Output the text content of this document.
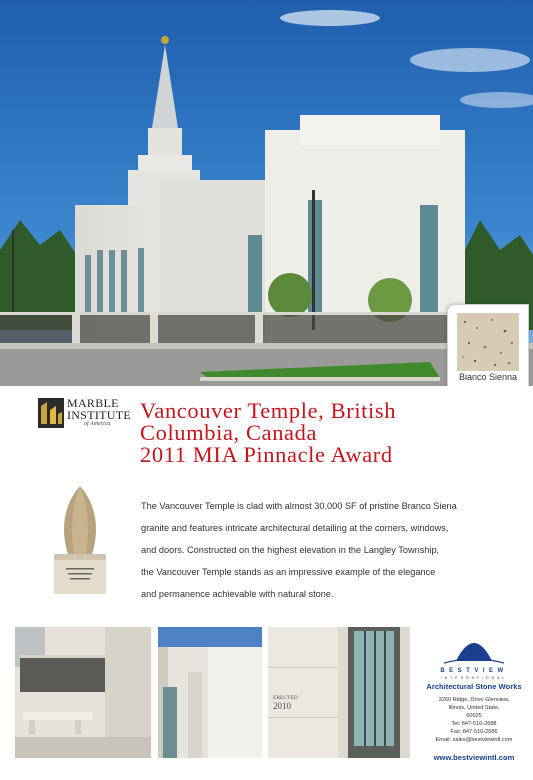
Bianco Sienna
MARBLE
INSTITUTE
of America
Vancouver Temple, British
Columbia, Canada
2011 MIA Pinnacle Award
The Vancouver Temple is clad with almost 30,000 SF of pristine Branco Siena
granite and features intricate architectural detailing at the corners, windows,
and doors. Constructed on the highest elevation in the Langley Township,
the Vancouver Temple stands as an impressive example of the elegance
and permanence achievable with natural stone.
ERECTED
2010
BESTVIEW
INTERNATIONAL
Architectural Stone Works
2260 Ridge, Drive Glenview,
Illinois, United State.
60025
Tel: 847-510-2688
Fax: 847-510-2686
Email: sales@bestviewintl.com
www.bestviewintl.com
